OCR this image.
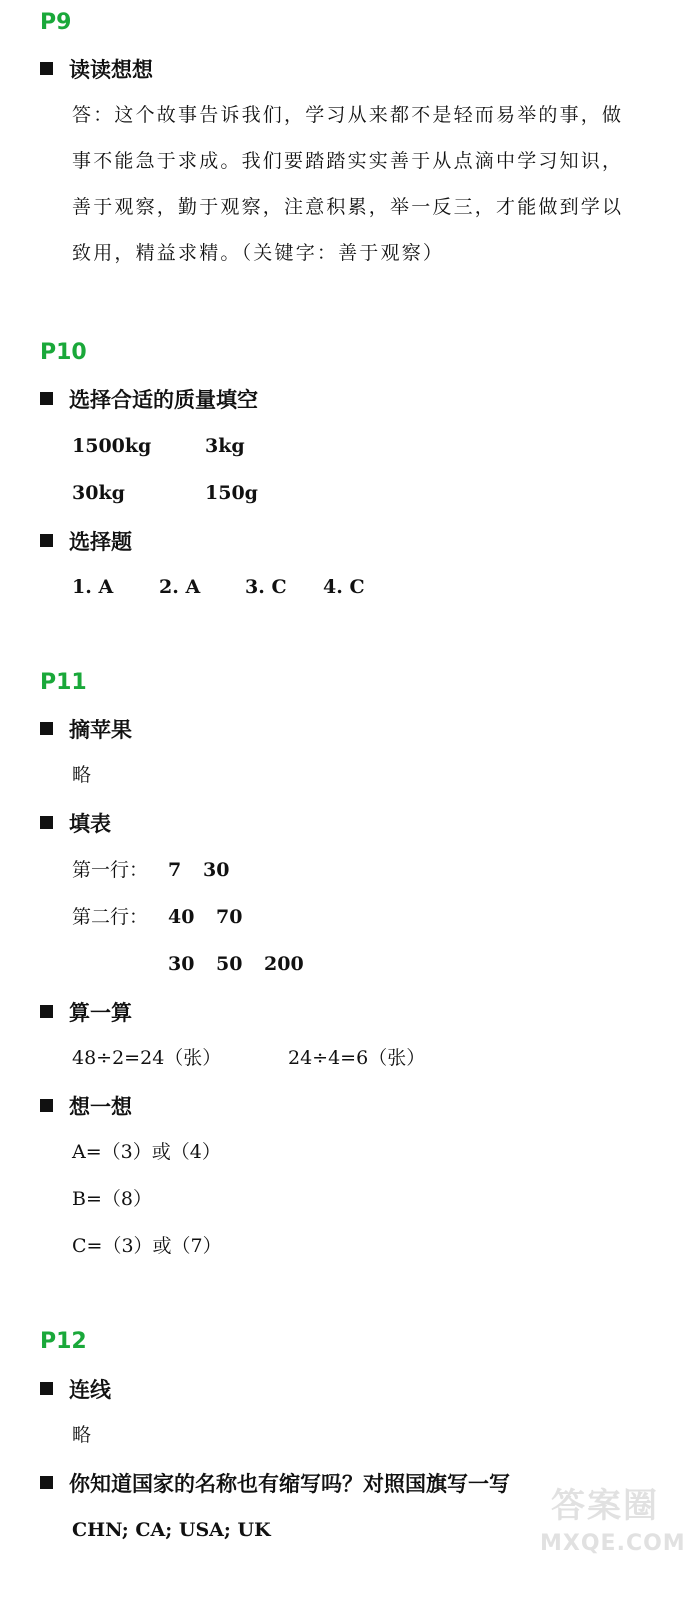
P9
读读想想
答：这个故事告诉我们，学习从来都不是轻而易举的事，做事不能急于求成。我们要踏踏实实善于从点滴中学习知识，善于观察，勤于观察，注意积累，举一反三，才能做到学以致用，精益求精。（关键字：善于观察）
P10
选择合适的质量填空
1500kg	3kg
30kg	150g
选择题
1. A 2. A 3. C 4. C
P11
摘苹果
略
填表
第一行： 7 30
第二行： 40 70
30 50 200
算一算
48÷2=24（张）	24÷4=6（张）
想一想
A=（3）或（4）
B=（8）
C=（3）或（7）
P12
连线
略
你知道国家的名称也有缩写吗？对照国旗写一写
CHN; CA; USA; UK
答案圈
MXQE.COM
